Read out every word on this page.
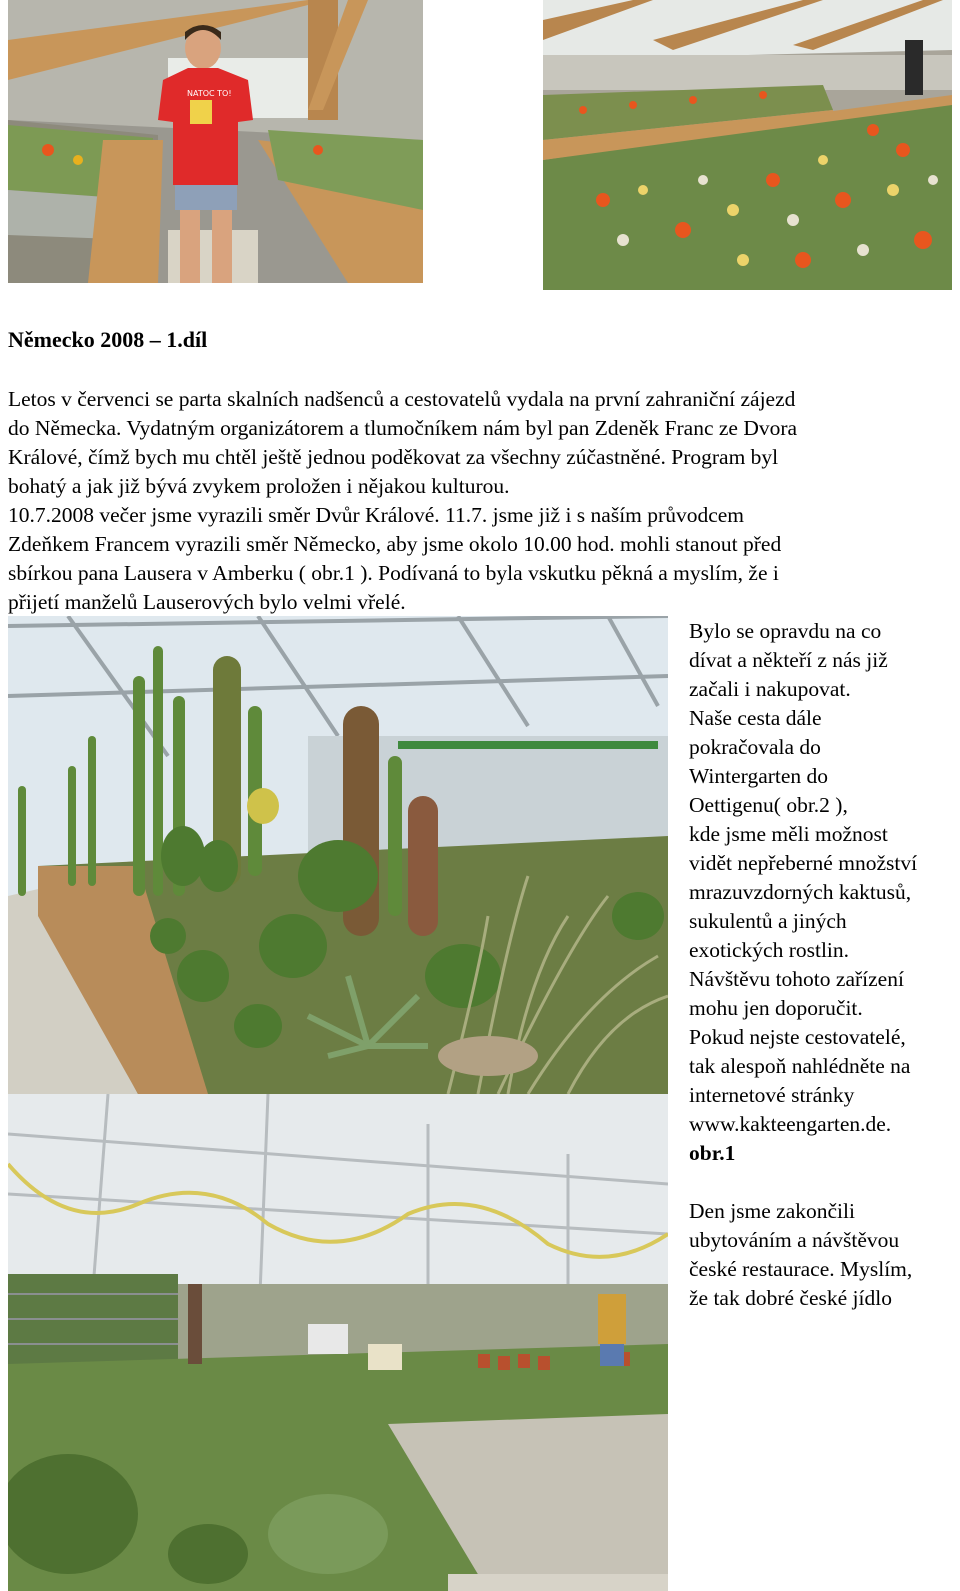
NATOC TO!
Německo 2008 – 1.díl

Letos v červenci se parta skalních nadšenců a cestovatelů vydala na první zahraniční zájezd
do Německa. Vydatným organizátorem a tlumočníkem nám byl pan Zdeněk Franc ze Dvora
Králové, čímž bych mu chtěl ještě jednou poděkovat za všechny zúčastněné. Program byl
bohatý a jak již bývá zvykem proložen i nějakou kulturou.
10.7.2008 večer jsme vyrazili směr Dvůr Králové. 11.7. jsme již i s naším průvodcem
Zdeňkem Francem vyrazili směr Německo, aby jsme okolo 10.00 hod. mohli stanout před
sbírkou pana Lausera v Amberku ( obr.1 ). Podívaná to byla vskutku pěkná a myslím, že i
přijetí manželů Lauserových bylo velmi vřelé.

Bylo se opravdu na co
dívat a někteří z nás již
začali i nakupovat.
Naše cesta dále
pokračovala do
Wintergarten do
Oettigenu( obr.2 ),
kde jsme měli možnost
vidět nepřeberné množství
mrazuvzdorných kaktusů,
sukulentů a jiných
exotických rostlin.
Návštěvu tohoto zařízení
mohu jen doporučit.
Pokud nejste cestovatelé,
tak alespoň nahlédněte na
internetové stránky
www.kakteengarten.de.
obr.1
Den jsme zakončili
ubytováním a návštěvou
české restaurace. Myslím,
že tak dobré české jídlo
